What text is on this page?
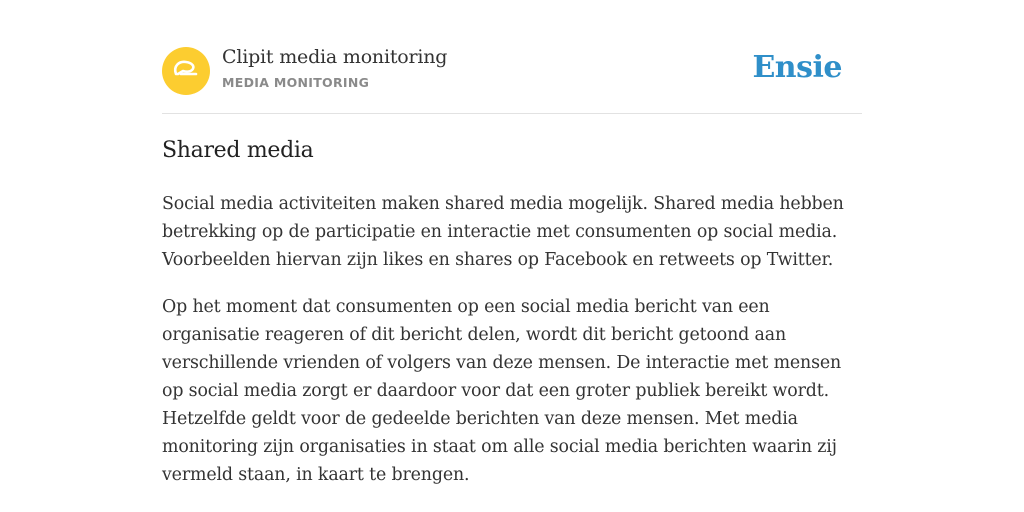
Clipit media monitoring
MEDIA MONITORING	Ensie
Shared media

Social media activiteiten maken shared media mogelijk. Shared media hebben betrekking op de participatie en interactie met consumenten op social media. Voorbeelden hiervan zijn likes en shares op Facebook en retweets op Twitter.

Op het moment dat consumenten op een social media bericht van een organisatie reageren of dit bericht delen, wordt dit bericht getoond aan verschillende vrienden of volgers van deze mensen. De interactie met mensen op social media zorgt er daardoor voor dat een groter publiek bereikt wordt. Hetzelfde geldt voor de gedeelde berichten van deze mensen. Met media monitoring zijn organisaties in staat om alle social media berichten waarin zij vermeld staan, in kaart te brengen.
